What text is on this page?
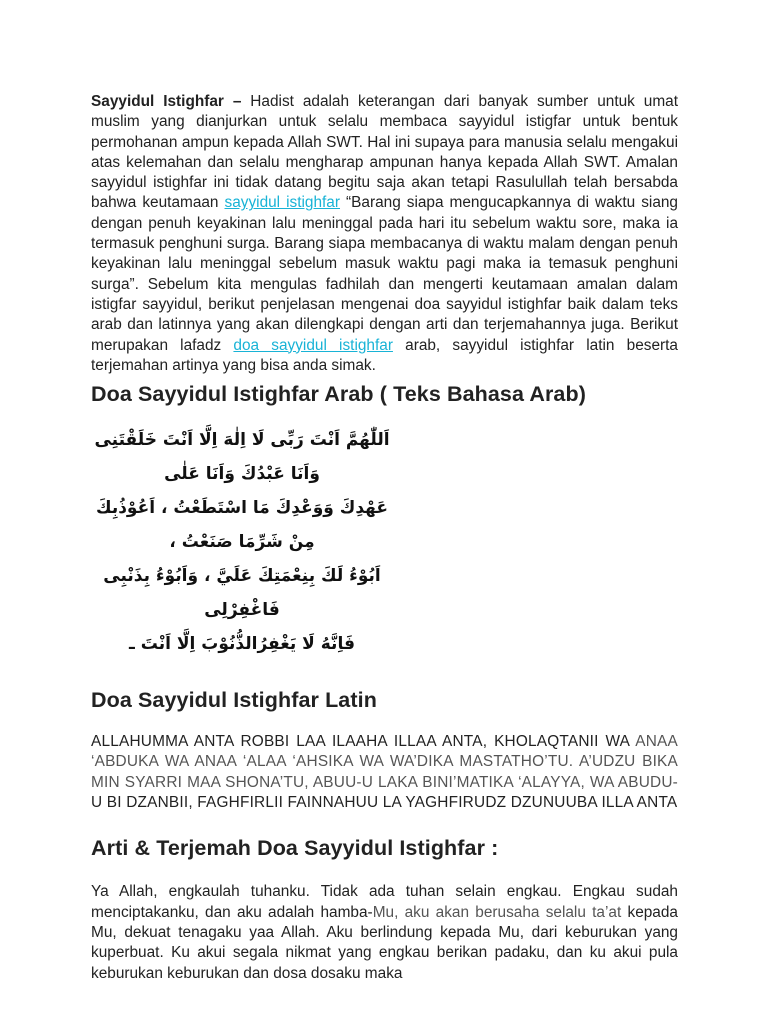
Sayyidul Istighfar – Hadist adalah keterangan dari banyak sumber untuk umat muslim yang dianjurkan untuk selalu membaca sayyidul istigfar untuk bentuk permohanan ampun kepada Allah SWT. Hal ini supaya para manusia selalu mengakui atas kelemahan dan selalu mengharap ampunan hanya kepada Allah SWT. Amalan sayyidul istighfar ini tidak datang begitu saja akan tetapi Rasulullah telah bersabda bahwa keutamaan sayyidul istighfar “Barang siapa mengucapkannya di waktu siang dengan penuh keyakinan lalu meninggal pada hari itu sebelum waktu sore, maka ia termasuk penghuni surga. Barang siapa membacanya di waktu malam dengan penuh keyakinan lalu meninggal sebelum masuk waktu pagi maka ia temasuk penghuni surga”. Sebelum kita mengulas fadhilah dan mengerti keutamaan amalan dalam istigfar sayyidul, berikut penjelasan mengenai doa sayyidul istighfar baik dalam teks arab dan latinnya yang akan dilengkapi dengan arti dan terjemahannya juga. Berikut merupakan lafadz doa sayyidul istighfar arab, sayyidul istighfar latin beserta terjemahan artinya yang bisa anda simak.

Doa Sayyidul Istighfar Arab ( Teks Bahasa Arab)
اَللّٰهُمَّ اَنْتَ رَبِّى لَا اِلٰهَ اِلَّا اَنْتَ خَلَقْتَنِى وَاَنَا عَبْدُكَ وَاَنَا عَلٰى
عَهْدِكَ وَوَعْدِكَ مَا اسْتَطَعْتُ ، اَعُوْذُبِكَ مِنْ شَرِّمَا صَنَعْتُ ،
اَبُوْءُ لَكَ بِنِعْمَتِكَ عَلَيَّ ، وَاَبُوْءُ بِذَنْبِى فَاغْفِرْلِى
فَاِنَّهُ لَا يَغْفِرُالذُّنُوْبَ اِلَّا اَنْتَ ـ
Doa Sayyidul Istighfar Latin

ALLAHUMMA ANTA ROBBI LAA ILAAHA ILLAA ANTA, KHOLAQTANII WA ANAA ‘ABDUKA WA ANAA ‘ALAA ‘AHSIKA WA WA’DIKA MASTATHO’TU. A’UDZU BIKA MIN SYARRI MAA SHONA’TU, ABUU-U LAKA BINI’MATIKA ‘ALAYYA, WA ABUDU-U BI DZANBII, FAGHFIRLII FAINNAHUU LA YAGHFIRUDZ DZUNUUBA ILLA ANTA

Arti & Terjemah Doa Sayyidul Istighfar :

Ya Allah, engkaulah tuhanku. Tidak ada tuhan selain engkau. Engkau sudah menciptakanku, dan aku adalah hamba-Mu, aku akan berusaha selalu ta’at kepada Mu, dekuat tenagaku yaa Allah. Aku berlindung kepada Mu, dari keburukan yang kuperbuat. Ku akui segala nikmat yang engkau berikan padaku, dan ku akui pula keburukan keburukan dan dosa dosaku maka
